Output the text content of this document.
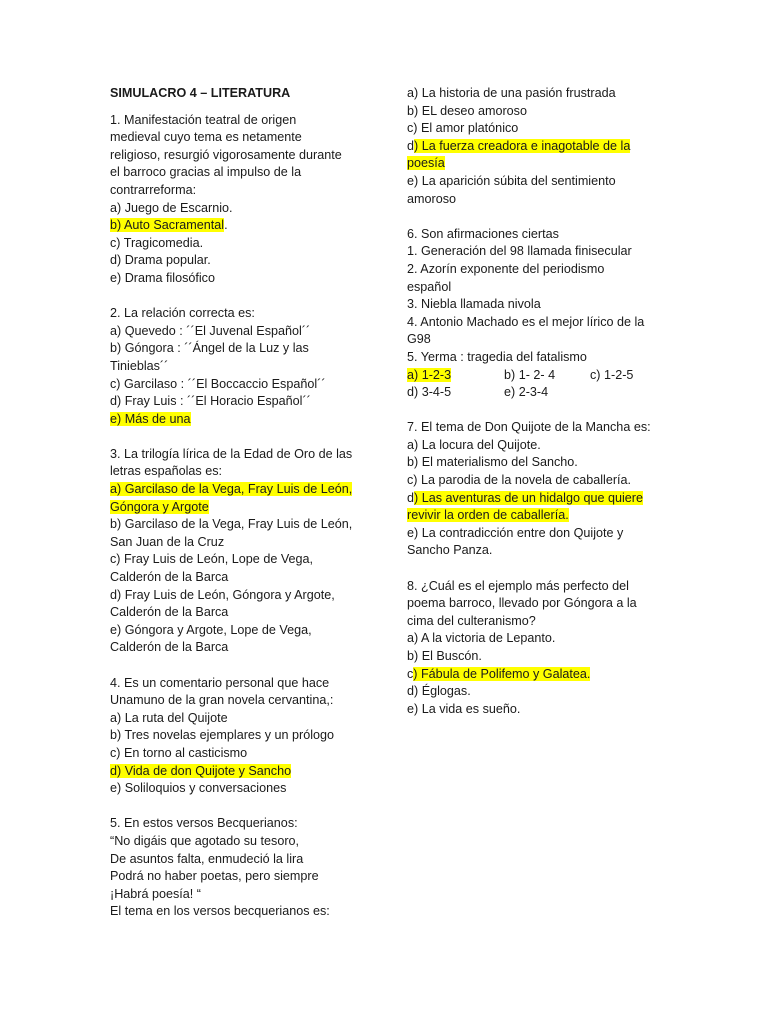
SIMULACRO 4 – LITERATURA
1. Manifestación teatral de origen
medieval cuyo tema es netamente
religioso, resurgió vigorosamente durante
el barroco gracias al impulso de la
contrarreforma:
a) Juego de Escarnio.
b) Auto Sacramental.
c) Tragicomedia.
d) Drama popular.
e) Drama filosófico
2. La relación correcta es:
a) Quevedo : ´´El Juvenal Español´´
b) Góngora : ´´Ángel de la Luz y las
Tinieblas´´
c) Garcilaso : ´´El Boccaccio Español´´
d) Fray Luis : ´´El Horacio Español´´
e) Más de una
3. La trilogía lírica de la Edad de Oro de las
letras españolas es:
a) Garcilaso de la Vega, Fray Luis de León,
Góngora y Argote
b) Garcilaso de la Vega, Fray Luis de León,
San Juan de la Cruz
c) Fray Luis de León, Lope de Vega,
Calderón de la Barca
d) Fray Luis de León, Góngora y Argote,
Calderón de la Barca
e) Góngora y Argote, Lope de Vega,
Calderón de la Barca
4. Es un comentario personal que hace
Unamuno de la gran novela cervantina,:
a) La ruta del Quijote
b) Tres novelas ejemplares y un prólogo
c) En torno al casticismo
d) Vida de don Quijote y Sancho
e) Soliloquios y conversaciones
5. En estos versos Becquerianos:
“No digáis que agotado su tesoro,
De asuntos falta, enmudeció la lira
Podrá no haber poetas, pero siempre
¡Habrá poesía! “
El tema en los versos becquerianos es:
a) La historia de una pasión frustrada
b) EL deseo amoroso
c) El amor platónico
d) La fuerza creadora e inagotable de la
poesía
e) La aparición súbita del sentimiento
amoroso
6. Son afirmaciones ciertas
1. Generación del 98 llamada finisecular
2. Azorín exponente del periodismo
español
3. Niebla llamada nivola
4. Antonio Machado es el mejor lírico de la
G98
5. Yerma : tragedia del fatalismo
a) 1-2-3	b) 1- 2- 4	c) 1-2-5
d) 3-4-5	e) 2-3-4
7. El tema de Don Quijote de la Mancha es:
a) La locura del Quijote.
b) El materialismo del Sancho.
c) La parodia de la novela de caballería.
d) Las aventuras de un hidalgo que quiere
revivir la orden de caballería.
e) La contradicción entre don Quijote y
Sancho Panza.
8. ¿Cuál es el ejemplo más perfecto del
poema barroco, llevado por Góngora a la
cima del culteranismo?
a) A la victoria de Lepanto.
b) El Buscón.
c) Fábula de Polifemo y Galatea.
d) Églogas.
e) La vida es sueño.
